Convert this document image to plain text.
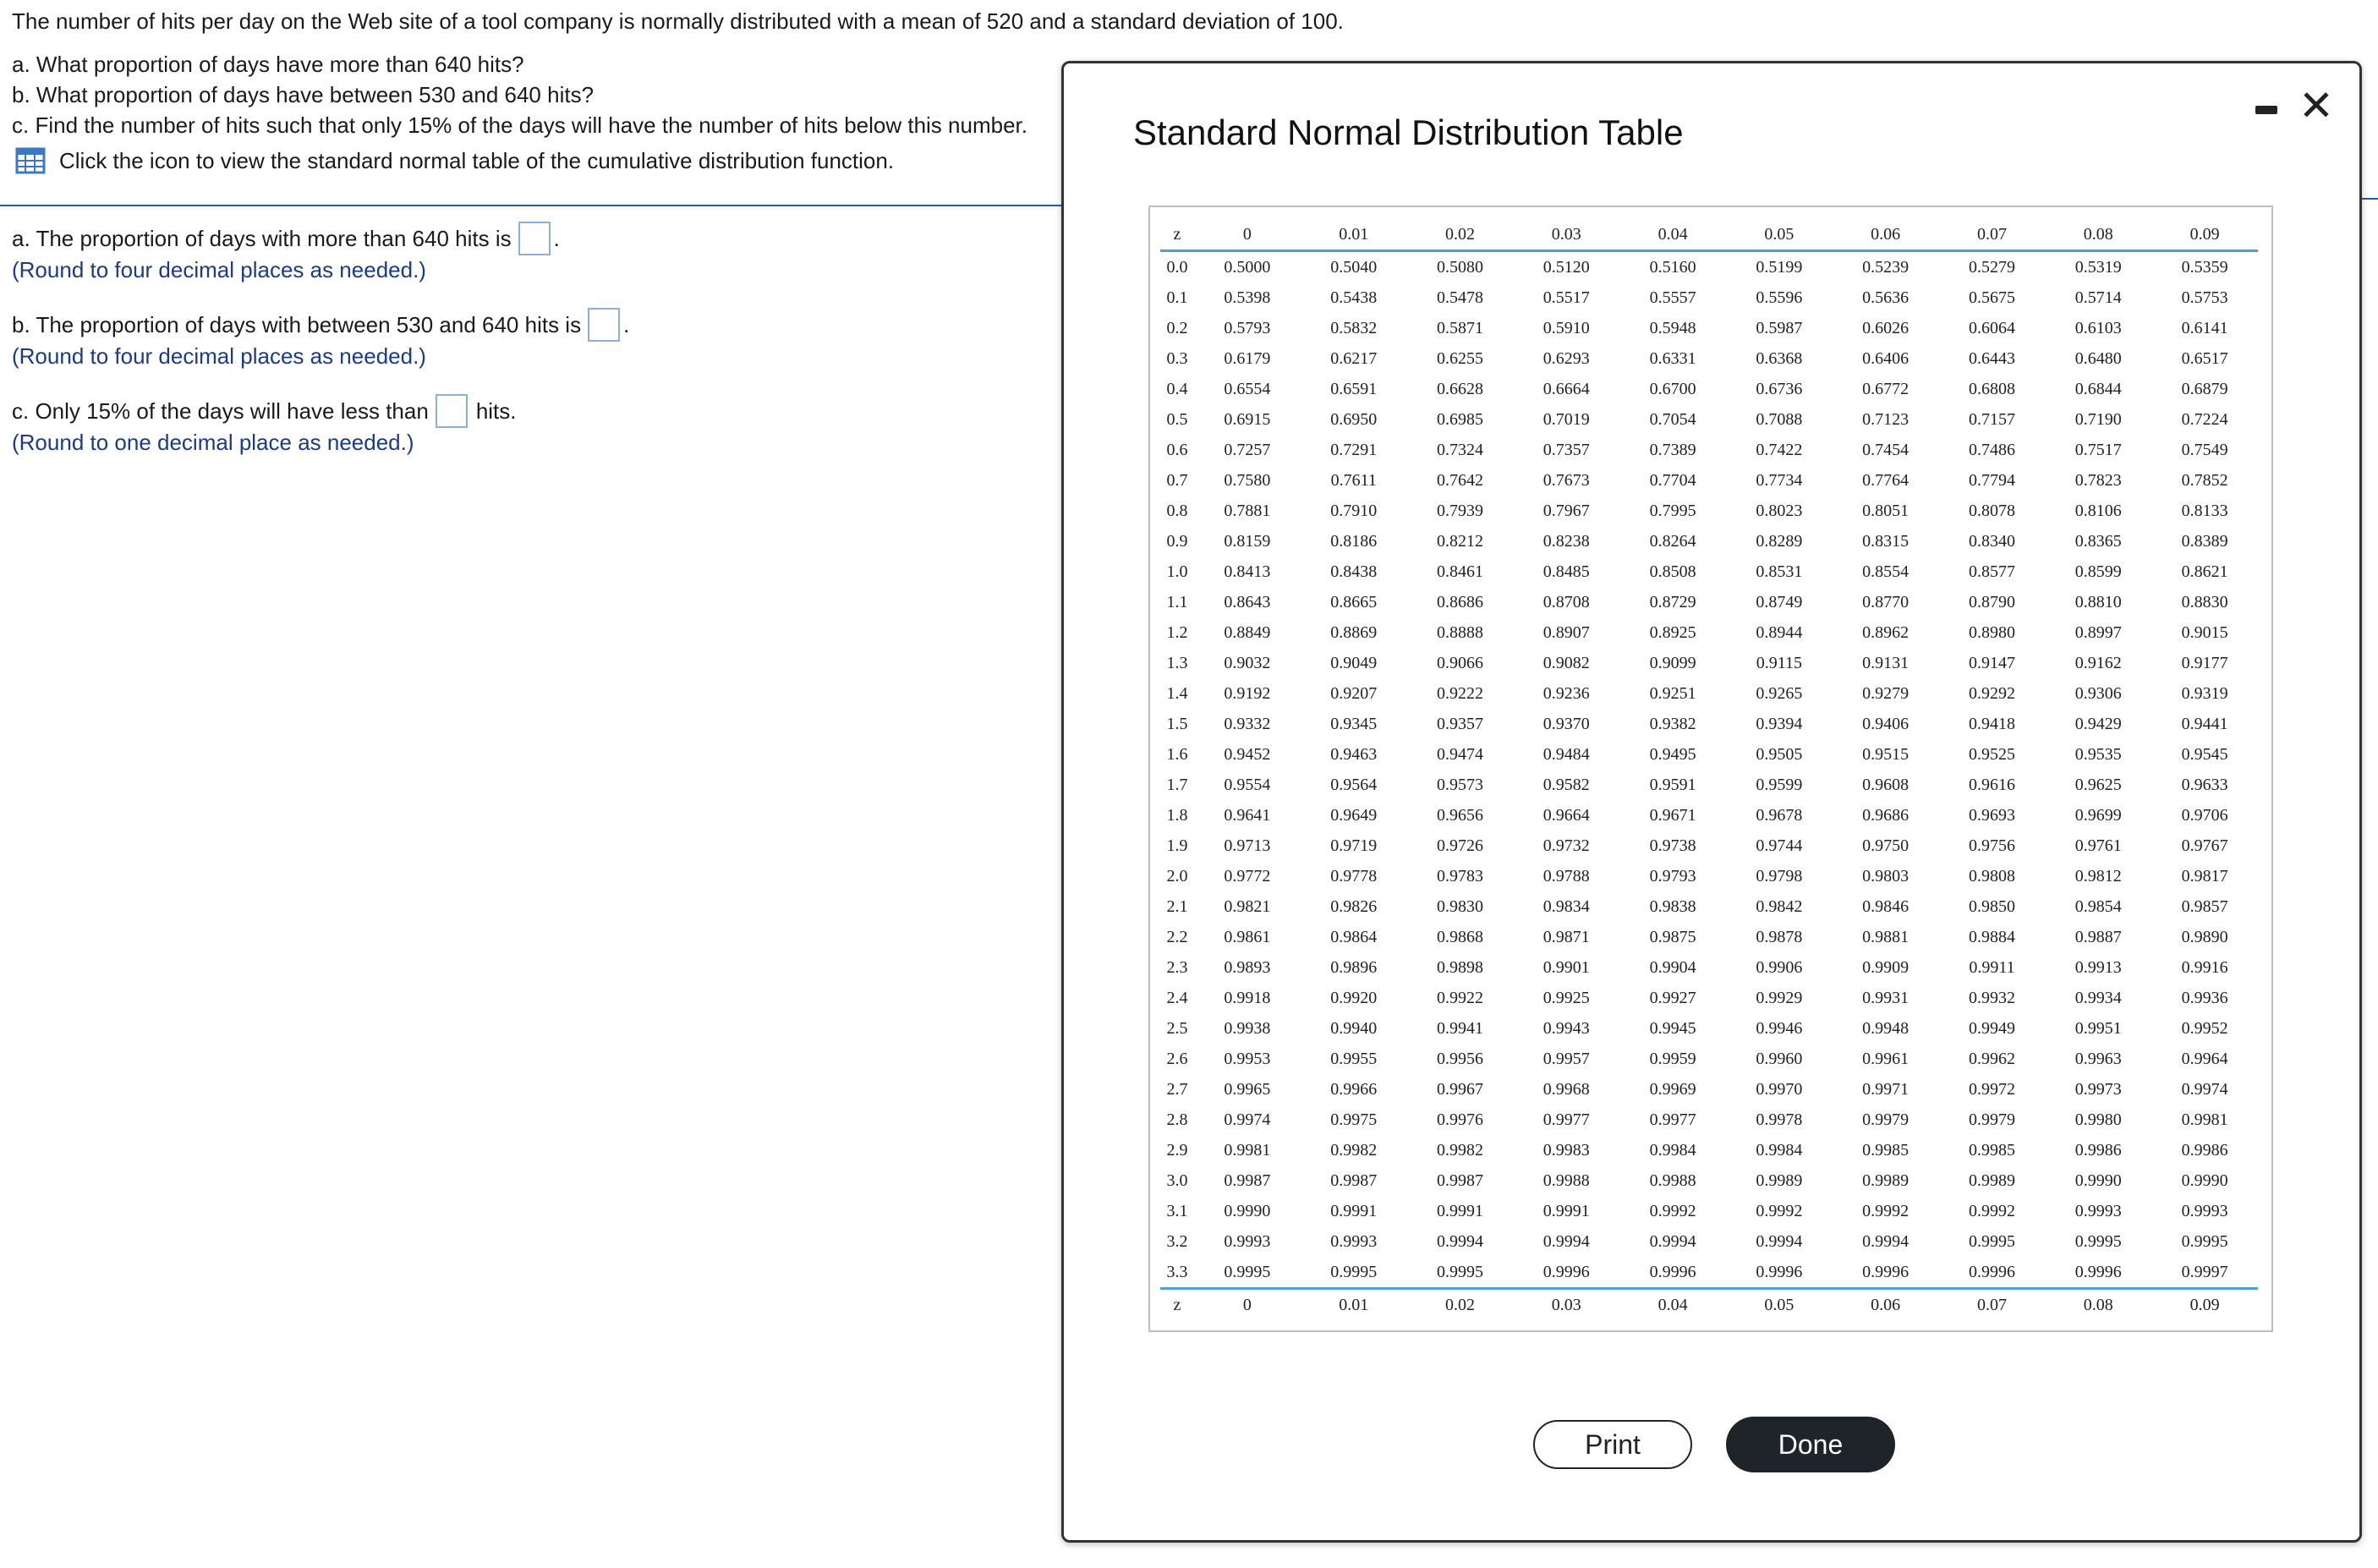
The number of hits per day on the Web site of a tool company is normally distributed with a mean of 520 and a standard deviation of 100.
a. What proportion of days have more than 640 hits?
b. What proportion of days have between 530 and 640 hits?
c. Find the number of hits such that only 15% of the days will have the number of hits below this number.
Click the icon to view the standard normal table of the cumulative distribution function.
a. The proportion of days with more than 640 hits is .
(Round to four decimal places as needed.)
b. The proportion of days with between 530 and 640 hits is .
(Round to four decimal places as needed.)
c. Only 15% of the days will have less than hits.
(Round to one decimal place as needed.)
Standard Normal Distribution Table
✕
z	0	0.01	0.02	0.03	0.04	0.05	0.06	0.07	0.08	0.09
0.0	0.5000	0.5040	0.5080	0.5120	0.5160	0.5199	0.5239	0.5279	0.5319	0.5359
0.1	0.5398	0.5438	0.5478	0.5517	0.5557	0.5596	0.5636	0.5675	0.5714	0.5753
0.2	0.5793	0.5832	0.5871	0.5910	0.5948	0.5987	0.6026	0.6064	0.6103	0.6141
0.3	0.6179	0.6217	0.6255	0.6293	0.6331	0.6368	0.6406	0.6443	0.6480	0.6517
0.4	0.6554	0.6591	0.6628	0.6664	0.6700	0.6736	0.6772	0.6808	0.6844	0.6879
0.5	0.6915	0.6950	0.6985	0.7019	0.7054	0.7088	0.7123	0.7157	0.7190	0.7224
0.6	0.7257	0.7291	0.7324	0.7357	0.7389	0.7422	0.7454	0.7486	0.7517	0.7549
0.7	0.7580	0.7611	0.7642	0.7673	0.7704	0.7734	0.7764	0.7794	0.7823	0.7852
0.8	0.7881	0.7910	0.7939	0.7967	0.7995	0.8023	0.8051	0.8078	0.8106	0.8133
0.9	0.8159	0.8186	0.8212	0.8238	0.8264	0.8289	0.8315	0.8340	0.8365	0.8389
1.0	0.8413	0.8438	0.8461	0.8485	0.8508	0.8531	0.8554	0.8577	0.8599	0.8621
1.1	0.8643	0.8665	0.8686	0.8708	0.8729	0.8749	0.8770	0.8790	0.8810	0.8830
1.2	0.8849	0.8869	0.8888	0.8907	0.8925	0.8944	0.8962	0.8980	0.8997	0.9015
1.3	0.9032	0.9049	0.9066	0.9082	0.9099	0.9115	0.9131	0.9147	0.9162	0.9177
1.4	0.9192	0.9207	0.9222	0.9236	0.9251	0.9265	0.9279	0.9292	0.9306	0.9319
1.5	0.9332	0.9345	0.9357	0.9370	0.9382	0.9394	0.9406	0.9418	0.9429	0.9441
1.6	0.9452	0.9463	0.9474	0.9484	0.9495	0.9505	0.9515	0.9525	0.9535	0.9545
1.7	0.9554	0.9564	0.9573	0.9582	0.9591	0.9599	0.9608	0.9616	0.9625	0.9633
1.8	0.9641	0.9649	0.9656	0.9664	0.9671	0.9678	0.9686	0.9693	0.9699	0.9706
1.9	0.9713	0.9719	0.9726	0.9732	0.9738	0.9744	0.9750	0.9756	0.9761	0.9767
2.0	0.9772	0.9778	0.9783	0.9788	0.9793	0.9798	0.9803	0.9808	0.9812	0.9817
2.1	0.9821	0.9826	0.9830	0.9834	0.9838	0.9842	0.9846	0.9850	0.9854	0.9857
2.2	0.9861	0.9864	0.9868	0.9871	0.9875	0.9878	0.9881	0.9884	0.9887	0.9890
2.3	0.9893	0.9896	0.9898	0.9901	0.9904	0.9906	0.9909	0.9911	0.9913	0.9916
2.4	0.9918	0.9920	0.9922	0.9925	0.9927	0.9929	0.9931	0.9932	0.9934	0.9936
2.5	0.9938	0.9940	0.9941	0.9943	0.9945	0.9946	0.9948	0.9949	0.9951	0.9952
2.6	0.9953	0.9955	0.9956	0.9957	0.9959	0.9960	0.9961	0.9962	0.9963	0.9964
2.7	0.9965	0.9966	0.9967	0.9968	0.9969	0.9970	0.9971	0.9972	0.9973	0.9974
2.8	0.9974	0.9975	0.9976	0.9977	0.9977	0.9978	0.9979	0.9979	0.9980	0.9981
2.9	0.9981	0.9982	0.9982	0.9983	0.9984	0.9984	0.9985	0.9985	0.9986	0.9986
3.0	0.9987	0.9987	0.9987	0.9988	0.9988	0.9989	0.9989	0.9989	0.9990	0.9990
3.1	0.9990	0.9991	0.9991	0.9991	0.9992	0.9992	0.9992	0.9992	0.9993	0.9993
3.2	0.9993	0.9993	0.9994	0.9994	0.9994	0.9994	0.9994	0.9995	0.9995	0.9995
3.3	0.9995	0.9995	0.9995	0.9996	0.9996	0.9996	0.9996	0.9996	0.9996	0.9997
z	0	0.01	0.02	0.03	0.04	0.05	0.06	0.07	0.08	0.09
Print	Done
